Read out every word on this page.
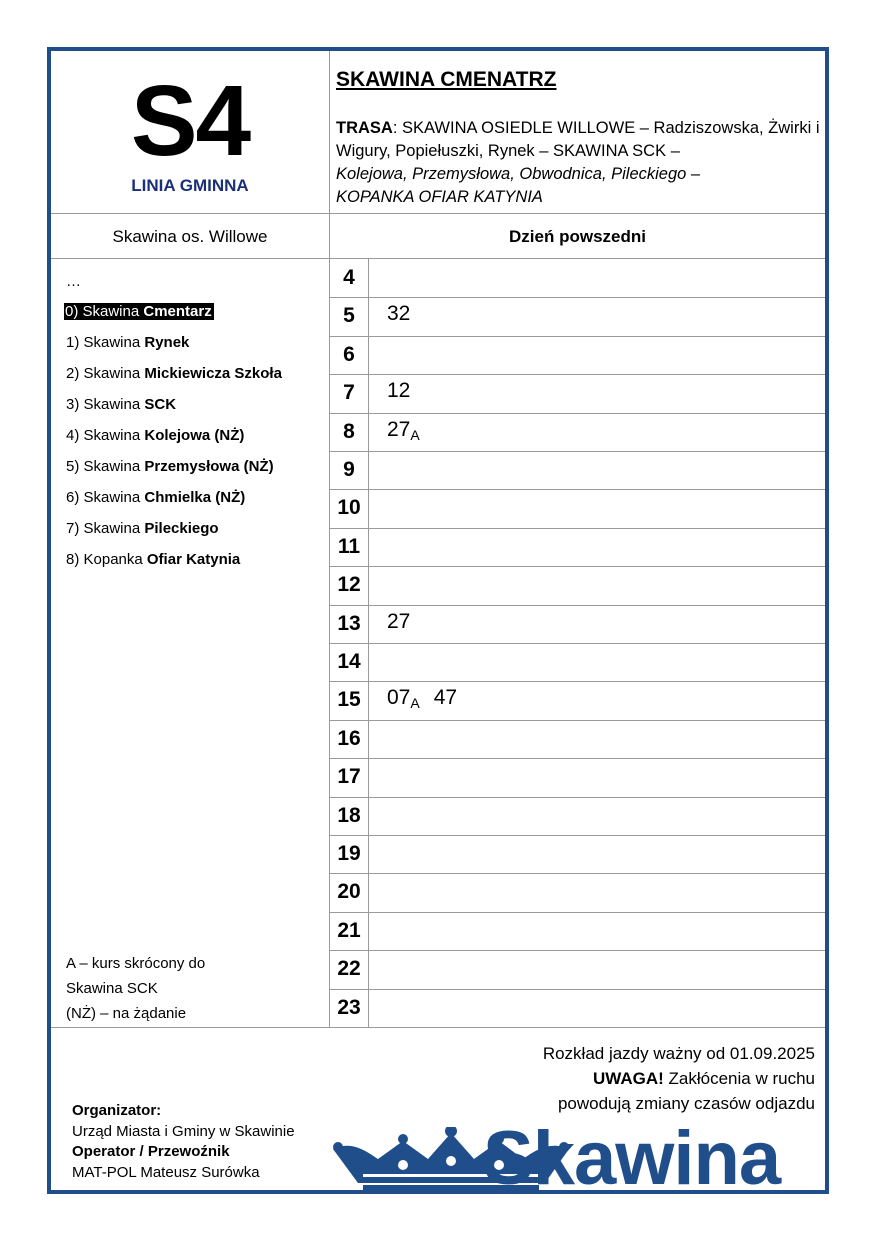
S4
LINIA GMINNA
SKAWINA CMENATRZ
TRASA: SKAWINA OSIEDLE WILLOWE – Radziszowska, Żwirki i Wigury, Popiełuszki, Rynek – SKAWINA SCK –
Kolejowa, Przemysłowa, Obwodnica, Pileckiego –
KOPANKA OFIAR KATYNIA
Skawina os. Willowe	Dzień powszedni
…
0) Skawina Cmentarz
1) Skawina Rynek
2) Skawina Mickiewicza Szkoła
3) Skawina SCK
4) Skawina Kolejowa (NŻ)
5) Skawina Przemysłowa (NŻ)
6) Skawina Chmielka (NŻ)
7) Skawina Pileckiego
8) Kopanka Ofiar Katynia
4
5	32
6
7	12
8	$27_A$
9
10
11
12
13	27
14
15	$07_A$ 47
16
17
18
19
20
21
22
23
A – kurs skrócony do
Skawina SCK
(NŻ) – na żądanie
Rozkład jazdy ważny od 01.09.2025
UWAGA! Zakłócenia w ruchu
powodują zmiany czasów odjazdu
Organizator:
Urząd Miasta i Gminy w Skawinie
Operator / Przewoźnik
MAT-POL Mateusz Surówka	Skawina
